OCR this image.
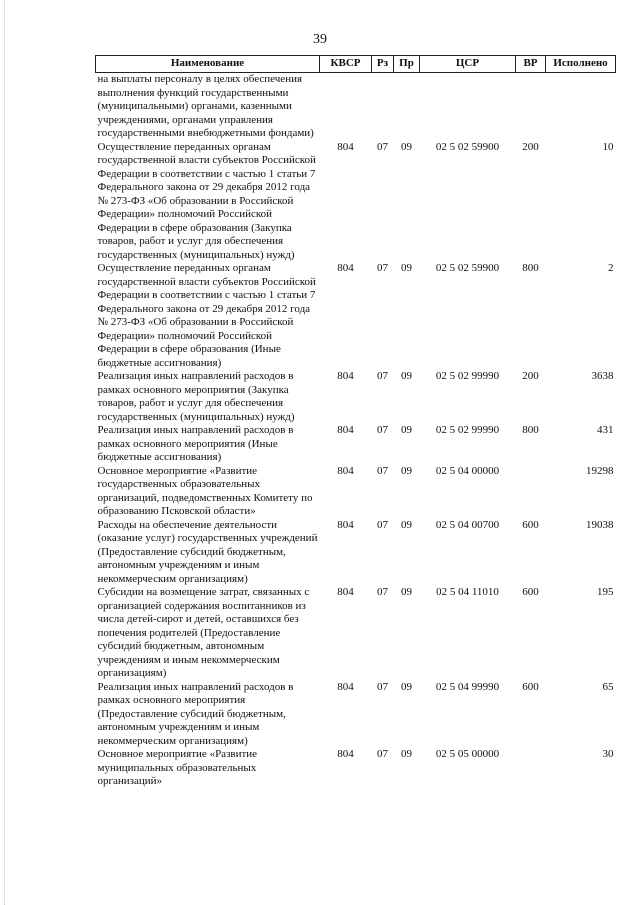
39
Наименование	КВСР	Рз	Пр	ЦСР	ВР	Исполнено
на выплаты персоналу в целях обеспечения выполнения функций государственными (муниципальными) органами, казенными учреждениями, органами управления государственными внебюджетными фондами)						
Осуществление переданных органам государственной власти субъектов Российской Федерации в соответствии с частью 1 статьи 7 Федерального закона от 29 декабря 2012 года № 273-ФЗ «Об образовании в Российской Федерации» полномочий Российской Федерации в сфере образования (Закупка товаров, работ и услуг для обеспечения государственных (муниципальных) нужд)	804	07	09	02 5 02 59900	200	10
Осуществление переданных органам государственной власти субъектов Российской Федерации в соответствии с частью 1 статьи 7 Федерального закона от 29 декабря 2012 года № 273-ФЗ «Об образовании в Российской Федерации» полномочий Российской Федерации в сфере образования (Иные бюджетные ассигнования)	804	07	09	02 5 02 59900	800	2
Реализация иных направлений расходов в рамках основного мероприятия (Закупка товаров, работ и услуг для обеспечения государственных (муниципальных) нужд)	804	07	09	02 5 02 99990	200	3638
Реализация иных направлений расходов в рамках основного мероприятия (Иные бюджетные ассигнования)	804	07	09	02 5 02 99990	800	431
Основное мероприятие «Развитие государственных образовательных организаций, подведомственных Комитету по образованию Псковской области»	804	07	09	02 5 04 00000		19298
Расходы на обеспечение деятельности (оказание услуг) государственных учреждений (Предоставление субсидий бюджетным, автономным учреждениям и иным некоммерческим организациям)	804	07	09	02 5 04 00700	600	19038
Субсидии на возмещение затрат, связанных с организацией содержания воспитанников из числа детей-сирот и детей, оставшихся без попечения родителей (Предоставление субсидий бюджетным, автономным учреждениям и иным некоммерческим организациям)	804	07	09	02 5 04 11010	600	195
Реализация иных направлений расходов в рамках основного мероприятия (Предоставление субсидий бюджетным, автономным учреждениям и иным некоммерческим организациям)	804	07	09	02 5 04 99990	600	65
Основное мероприятие «Развитие муниципальных образовательных организаций»	804	07	09	02 5 05 00000		30
